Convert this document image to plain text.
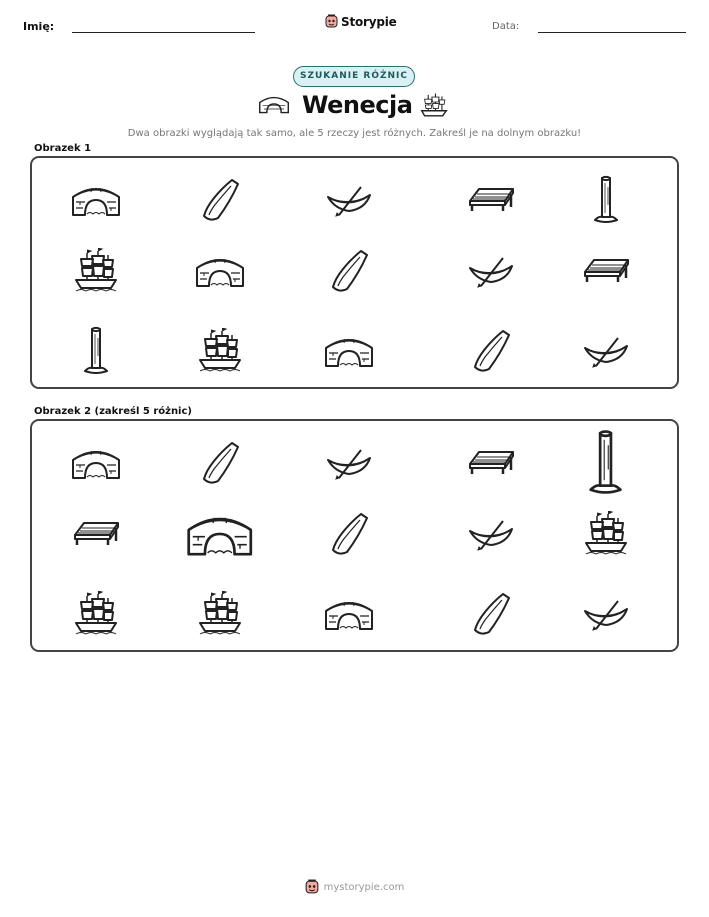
Imię:	Storypie	Data:
SZUKANIE RÓŻNIC
Wenecja
Dwa obrazki wyglądają tak samo, ale 5 rzeczy jest różnych. Zakreśl je na dolnym obrazku!
Obrazek 1
Obrazek 2 (zakreśl 5 różnic)
mystorypie.com
